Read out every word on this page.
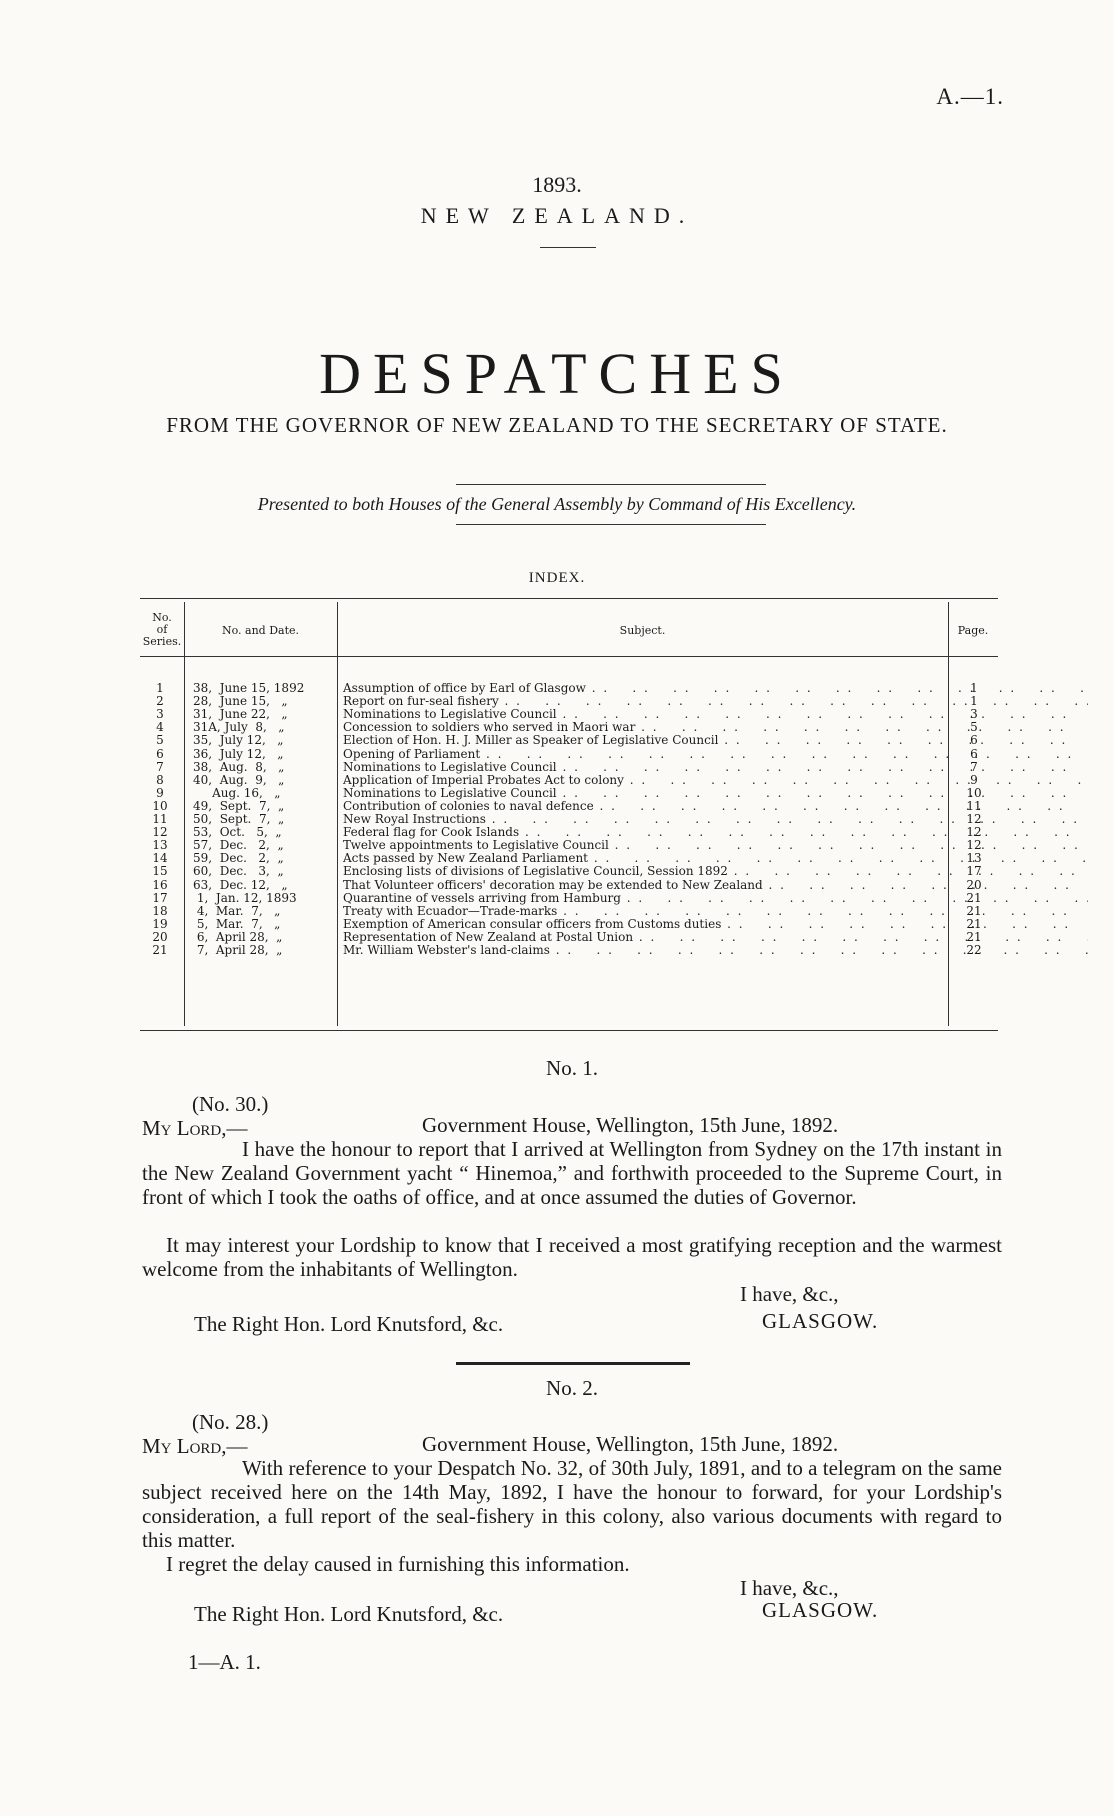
A.—1.
1893.
NEW ZEALAND.
DESPATCHES
FROM THE GOVERNOR OF NEW ZEALAND TO THE SECRETARY OF STATE.
Presented to both Houses of the General Assembly by Command of His Excellency.
INDEX.
No.
of
Series.
No. and Date.	Subject.	Page.
1	38,  June 15, 1892	Assumption of office by Earl of Glasgow . .	1
2	28,  June 15,   „	Report on fur-seal fishery . .	1
3	31,  June 22,   „	Nominations to Legislative Council . .	3
4	31A, July  8,   „	Concession to soldiers who served in Maori war . .	5
5	35,  July 12,   „	Election of Hon. H. J. Miller as Speaker of Legislative Council . .	6
6	36,  July 12,   „	Opening of Parliament . .	6
7	38,  Aug.  8,   „	Nominations to Legislative Council . .	7
8	40,  Aug.  9,   „	Application of Imperial Probates Act to colony . .	9
9	Aug. 16,   „	Nominations to Legislative Council . .	10
10	49,  Sept.  7,  „	Contribution of colonies to naval defence . .	11
11	50,  Sept.  7,  „	New Royal Instructions . .	12
12	53,  Oct.   5,  „	Federal flag for Cook Islands . .	12
13	57,  Dec.   2,  „	Twelve appointments to Legislative Council . .	12
14	59,  Dec.   2,  „	Acts passed by New Zealand Parliament . .	13
15	60,  Dec.   3,  „	Enclosing lists of divisions of Legislative Council, Session 1892 . .	17
16	63,  Dec. 12,   „	That Volunteer officers' decoration may be extended to New Zealand . .	20
17	1,  Jan. 12, 1893	Quarantine of vessels arriving from Hamburg . .	21
18	4,  Mar.  7,   „	Treaty with Ecuador—Trade-marks . .	21
19	5,  Mar.  7,   „	Exemption of American consular officers from Customs duties . .	21
20	6,  April 28,  „	Representation of New Zealand at Postal Union . .	21
21	7,  April 28,  „	Mr. William Webster's land-claims . .	22
No. 1.
(No. 30.)
My Lord,—	Government House, Wellington, 15th June, 1892.

I have the honour to report that I arrived at Wellington from Sydney on the 17th instant in the New Zealand Government yacht “ Hinemoa,” and forthwith proceeded to the Supreme Court, in front of which I took the oaths of office, and at once assumed the duties of Governor.

It may interest your Lordship to know that I received a most gratifying reception and the warmest welcome from the inhabitants of Wellington.

I have, &c.,
The Right Hon. Lord Knutsford, &c.	GLASGOW.
No. 2.
(No. 28.)
My Lord,—	Government House, Wellington, 15th June, 1892.

With reference to your Despatch No. 32, of 30th July, 1891, and to a telegram on the same subject received here on the 14th May, 1892, I have the honour to forward, for your Lordship's consideration, a full report of the seal-fishery in this colony, also various documents with regard to this matter.

I regret the delay caused in furnishing this information.

I have, &c.,
The Right Hon. Lord Knutsford, &c.	GLASGOW.
1—A. 1.
